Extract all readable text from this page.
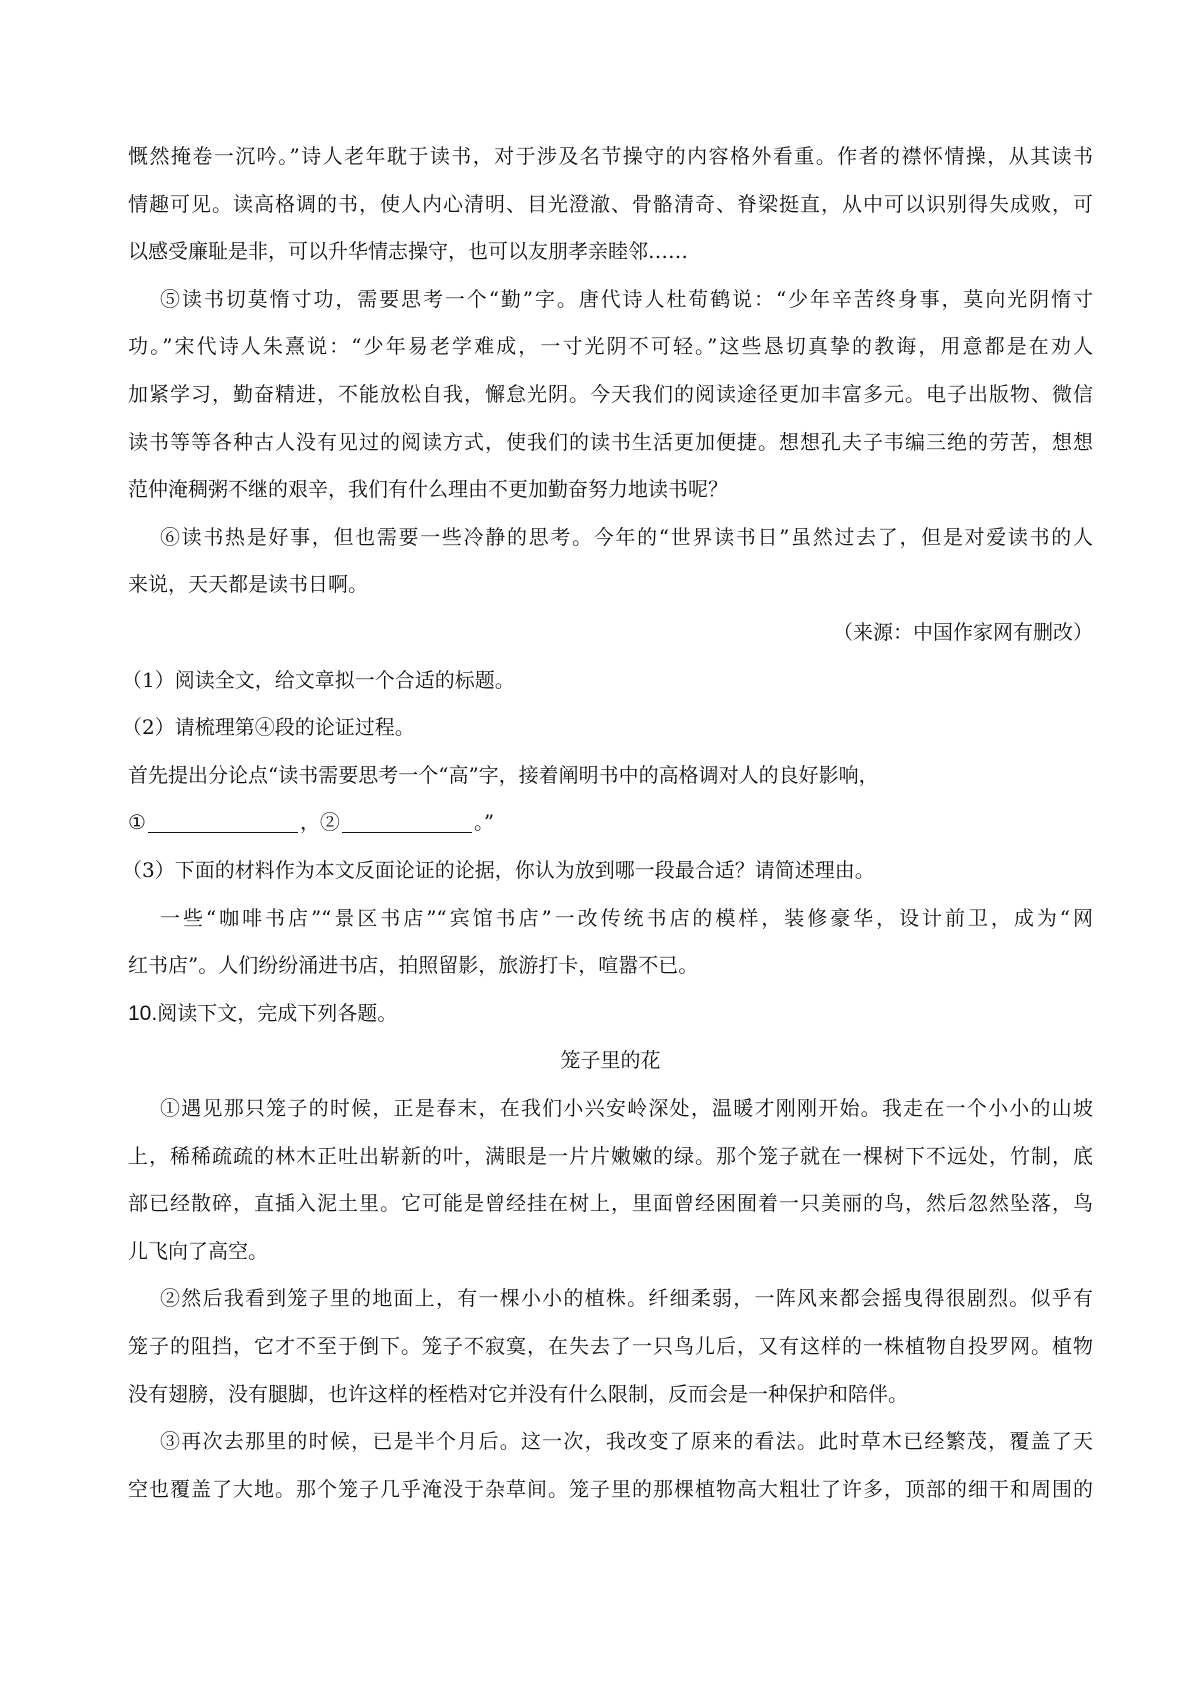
慨然掩卷一沉吟。”诗人老年耽于读书，对于涉及名节操守的内容格外看重。作者的襟怀情操，从其读书
情趣可见。读高格调的书，使人内心清明、目光澄澈、骨骼清奇、脊梁挺直，从中可以识别得失成败，可
以感受廉耻是非，可以升华情志操守，也可以友朋孝亲睦邻……
⑤读书切莫惰寸功，需要思考一个“勤”字。唐代诗人杜荀鹤说：“少年辛苦终身事，莫向光阴惰寸
功。”宋代诗人朱熹说：“少年易老学难成，一寸光阴不可轻。”这些恳切真挚的教诲，用意都是在劝人
加紧学习，勤奋精进，不能放松自我，懈怠光阴。今天我们的阅读途径更加丰富多元。电子出版物、微信
读书等等各种古人没有见过的阅读方式，使我们的读书生活更加便捷。想想孔夫子韦编三绝的劳苦，想想
范仲淹稠粥不继的艰辛，我们有什么理由不更加勤奋努力地读书呢？
⑥读书热是好事，但也需要一些冷静的思考。今年的“世界读书日”虽然过去了，但是对爱读书的人
来说，天天都是读书日啊。
（来源：中国作家网有删改）
（1）阅读全文，给文章拟一个合适的标题。
（2）请梳理第④段的论证过程。
首先提出分论点“读书需要思考一个“高”字，接着阐明书中的高格调对人的良好影响，
①	，②	。”
（3）下面的材料作为本文反面论证的论据，你认为放到哪一段最合适？请简述理由。
一些“咖啡书店”“景区书店”“宾馆书店”一改传统书店的模样，装修豪华，设计前卫，成为“网
红书店”。人们纷纷涌进书店，拍照留影，旅游打卡，喧嚣不已。
10.阅读下文，完成下列各题。
笼子里的花
①遇见那只笼子的时候，正是春末，在我们小兴安岭深处，温暖才刚刚开始。我走在一个小小的山坡
上，稀稀疏疏的林木正吐出崭新的叶，满眼是一片片嫩嫩的绿。那个笼子就在一棵树下不远处，竹制，底
部已经散碎，直插入泥土里。它可能是曾经挂在树上，里面曾经困囿着一只美丽的鸟，然后忽然坠落，鸟
儿飞向了高空。
②然后我看到笼子里的地面上，有一棵小小的植株。纤细柔弱，一阵风来都会摇曳得很剧烈。似乎有
笼子的阻挡，它才不至于倒下。笼子不寂寞，在失去了一只鸟儿后，又有这样的一株植物自投罗网。植物
没有翅膀，没有腿脚，也许这样的桎梏对它并没有什么限制，反而会是一种保护和陪伴。
③再次去那里的时候，已是半个月后。这一次，我改变了原来的看法。此时草木已经繁茂，覆盖了天
空也覆盖了大地。那个笼子几乎淹没于杂草间。笼子里的那棵植物高大粗壮了许多，顶部的细干和周围的
